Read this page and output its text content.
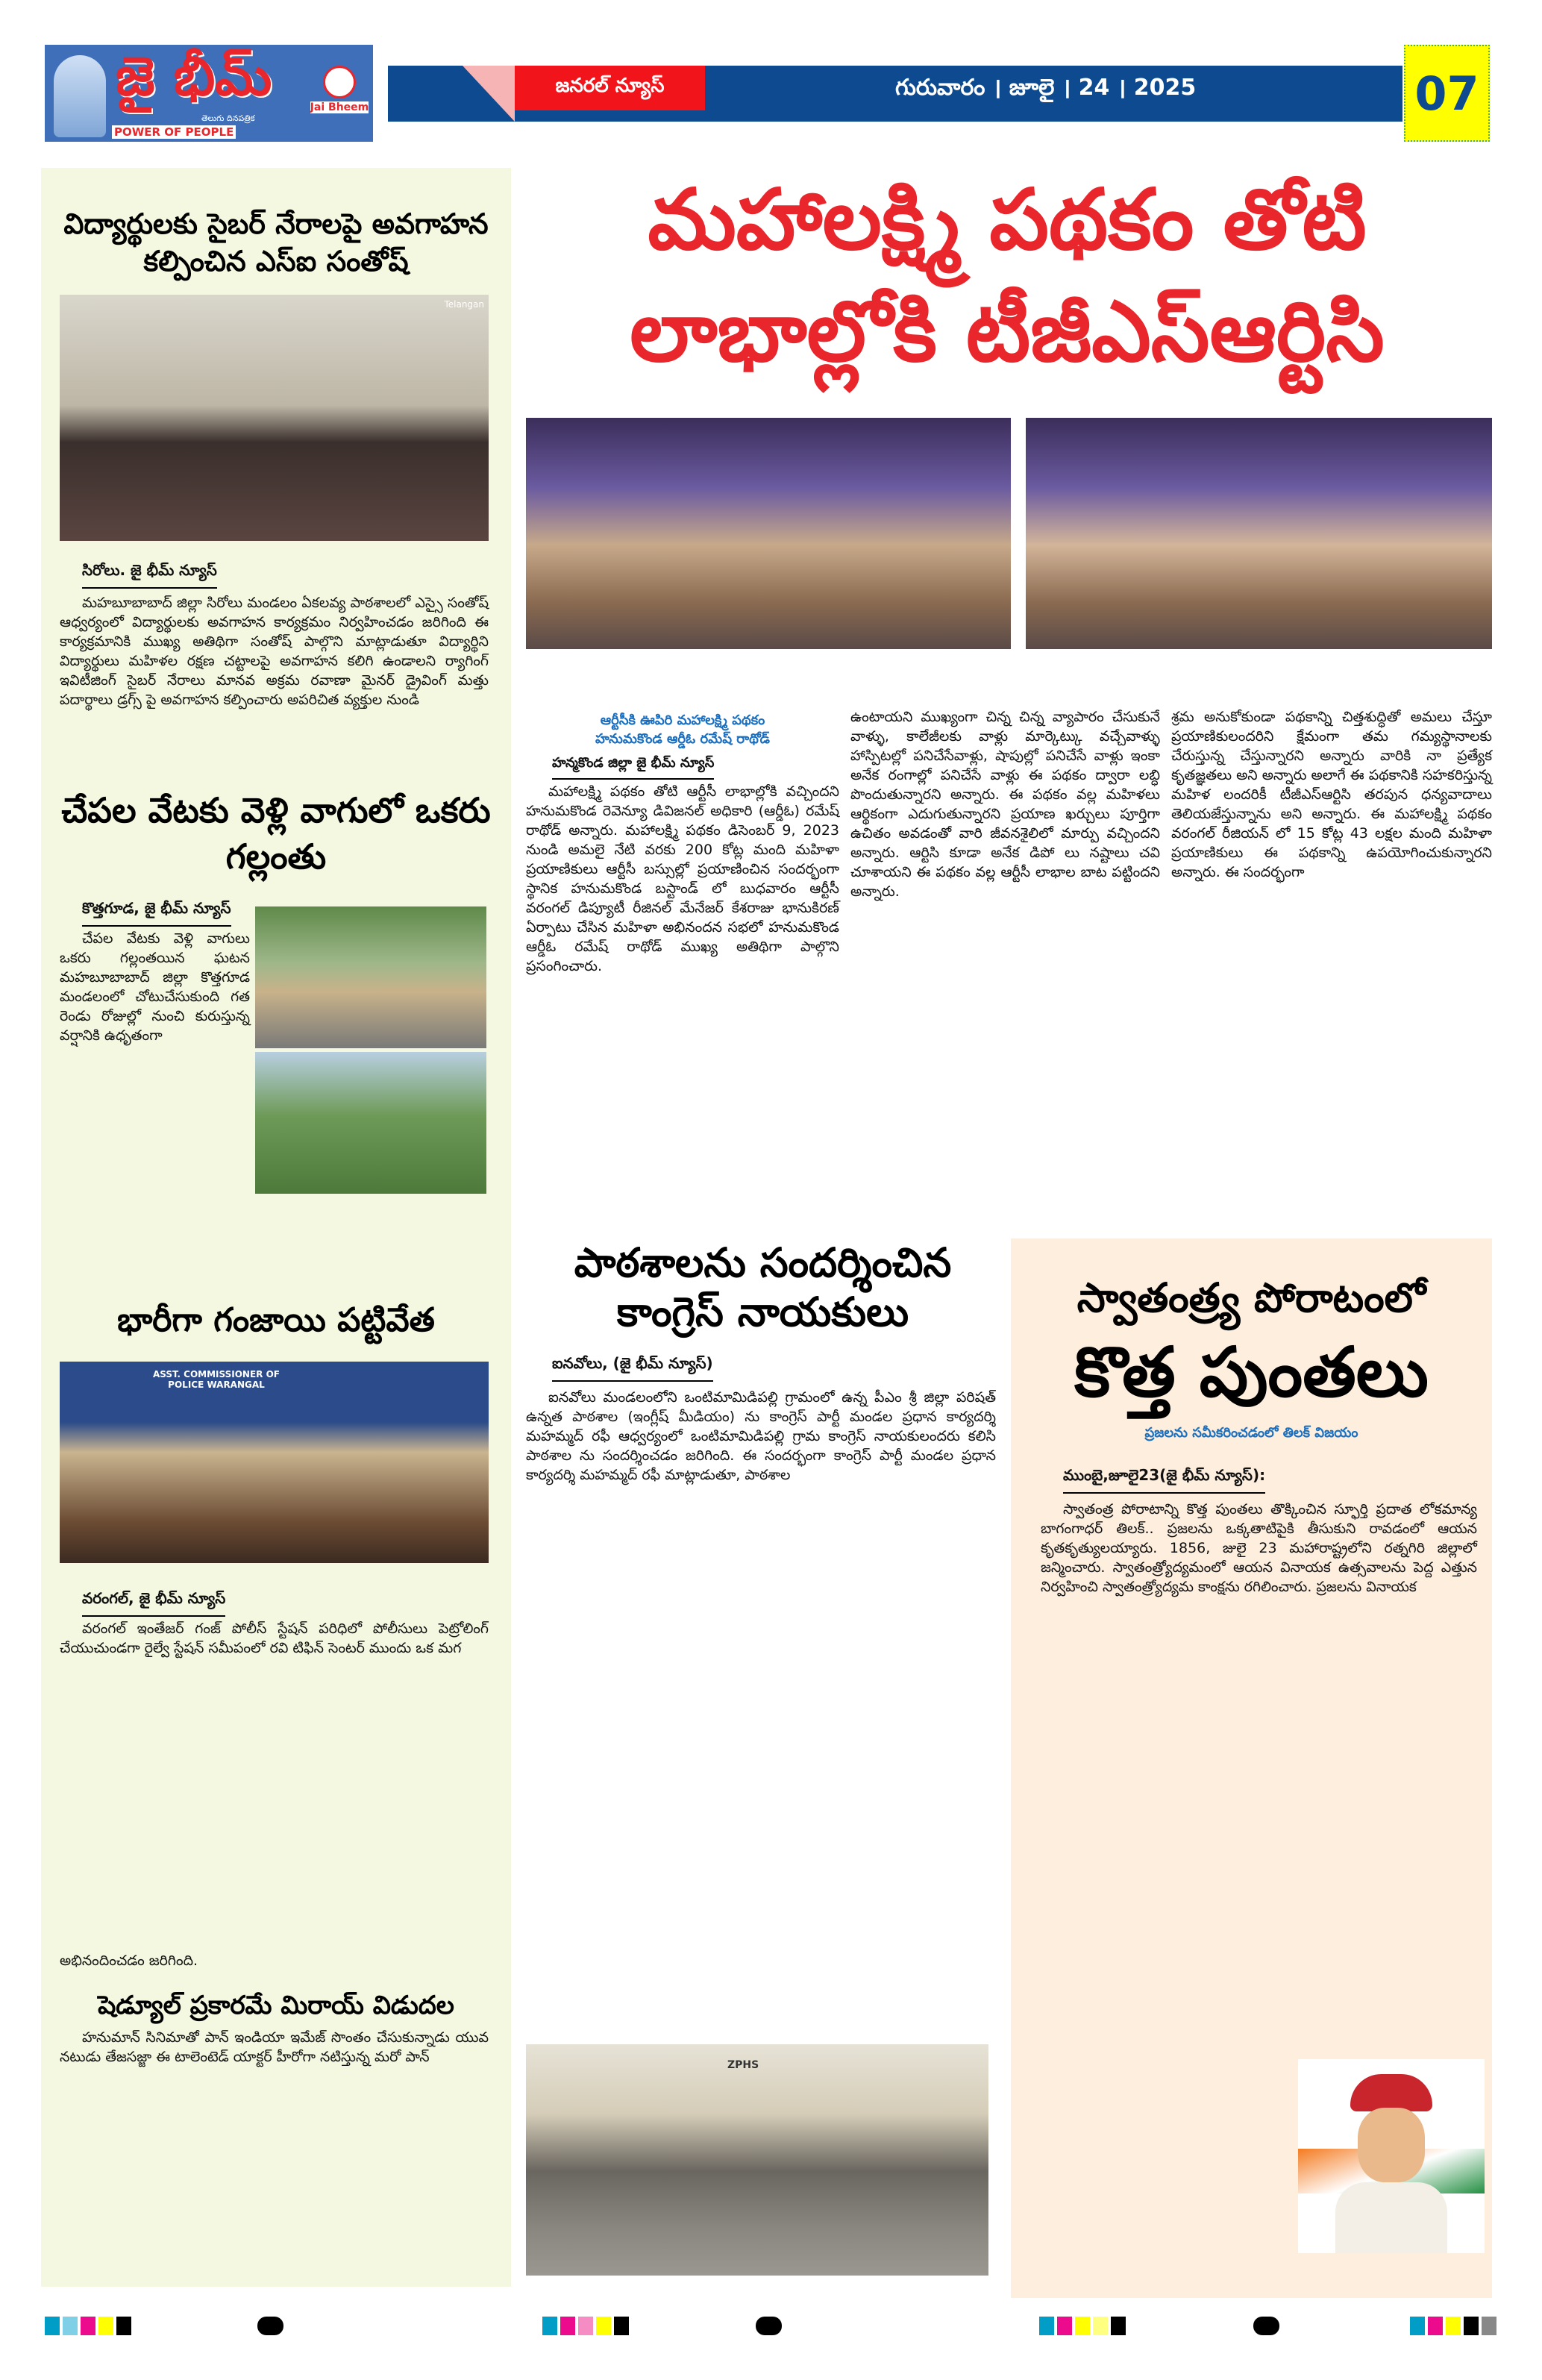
జై భీమ్
తెలుగు దినపత్రిక
POWER OF PEOPLE
Jai Bheem
జనరల్ న్యూస్	గురువారం । జూలై । 24 । 2025	07
విద్యార్థులకు సైబర్ నేరాలపై అవగాహన కల్పించిన ఎస్ఐ సంతోష్
Telangan
సిరోలు. జై భీమ్ న్యూస్
మహబూబాబాద్ జిల్లా సిరోలు మండలం ఏకలవ్య పాఠశాలలో ఎస్సై సంతోష్ ఆధ్వర్యంలో విద్యార్థులకు అవగాహన కార్యక్రమం నిర్వహించడం జరిగింది ఈ కార్యక్రమానికి ముఖ్య అతిథిగా సంతోష్ పాల్గొని మాట్లాడుతూ విద్యార్థిని విద్యార్థులు మహిళల రక్షణ చట్టాలపై అవగాహన కలిగి ఉండాలని ర్యాగింగ్ ఇవిటీజింగ్ సైబర్ నేరాలు మానవ అక్రమ రవాణా మైనర్ డ్రైవింగ్ మత్తు పదార్థాలు డ్రగ్స్ పై అవగాహన కల్పించారు అపరిచిత వ్యక్తుల నుండి
చేపల వేటకు వెళ్లి వాగులో ఒకరు గల్లంతు
కొత్తగూడ, జై భీమ్ న్యూస్
చేపల వేటకు వెళ్లి వాగులు ఒకరు గల్లంతయిన ఘటన మహబూబాబాద్ జిల్లా కొత్తగూడ మండలంలో చోటుచేసుకుంది గత రెండు రోజుల్లో నుంచి కురుస్తున్న వర్షానికి ఉధృతంగా
భారీగా గంజాయి పట్టివేత
ASST. COMMISSIONER OF POLICE WARANGAL
వరంగల్, జై భీమ్ న్యూస్
వరంగల్ ఇంతేజర్ గంజ్ పోలీస్ స్టేషన్ పరిధిలో పోలీసులు పెట్రోలింగ్ చేయుచుండగా రైల్వే స్టేషన్ సమీపంలో రవి టిఫిన్ సెంటర్ ముందు ఒక మగ
అభినందించడం జరిగింది.
షెడ్యూల్ ప్రకారమే మిరాయ్ విడుదల
హనుమాన్ సినిమాతో పాన్ ఇండియా ఇమేజ్ సొంతం చేసుకున్నాడు యువ నటుడు తేజసజ్జా ఈ టాలెంటెడ్ యాక్టర్ హీరోగా నటిస్తున్న మరో పాన్
మహాలక్ష్మి పథకం తోటి
లాభాల్లోకి టీజీఎస్ఆర్టిసి
ఆర్టీసీకి ఊపిరి మహాలక్ష్మి పథకం
హనుమకొండ ఆర్డీఓ రమేష్ రాథోడ్
హన్మకొండ జిల్లా జై భీమ్ న్యూస్
మహాలక్ష్మి పథకం తోటి ఆర్టీసీ లాభాల్లోకి వచ్చిందని హనుమకొండ రెవెన్యూ డివిజనల్ అధికారి (ఆర్డీఓ) రమేష్ రాథోడ్ అన్నారు. మహాలక్ష్మి పథకం డిసెంబర్ 9, 2023 నుండి అమలై నేటి వరకు 200 కోట్ల మంది మహిళా ప్రయాణికులు ఆర్టీసీ బస్సుల్లో ప్రయాణించిన సందర్భంగా స్థానిక హనుమకొండ బస్టాండ్ లో బుధవారం ఆర్టీసీ వరంగల్ డిప్యూటీ రీజినల్ మేనేజర్ కేశరాజు భానుకిరణ్ ఏర్పాటు చేసిన మహిళా అభినందన సభలో హనుమకొండ ఆర్డీఓ రమేష్ రాథోడ్ ముఖ్య అతిథిగా పాల్గొని ప్రసంగించారు.
ఉంటాయని ముఖ్యంగా చిన్న చిన్న వ్యాపారం చేసుకునే వాళ్ళు, కాలేజీలకు వాళ్లు మార్కెట్కు వచ్చేవాళ్ళు హాస్పిటల్లో పనిచేసేవాళ్లు, షాపుల్లో పనిచేసే వాళ్లు ఇంకా అనేక రంగాల్లో పనిచేసే వాళ్లు ఈ పథకం ద్వారా లబ్ధి పొందుతున్నారని అన్నారు. ఈ పథకం వల్ల మహిళలు ఆర్థికంగా ఎదుగుతున్నారని ప్రయాణ ఖర్చులు పూర్తిగా ఉచితం అవడంతో వారి జీవనశైలిలో మార్పు వచ్చిందని అన్నారు. ఆర్టిసి కూడా అనేక డిపో లు నష్టాలు చవి చూశాయని ఈ పథకం వల్ల ఆర్టీసీ లాభాల బాట పట్టిందని అన్నారు.
శ్రమ అనుకోకుండా పథకాన్ని చిత్తశుద్ధితో అమలు చేస్తూ ప్రయాణికులందరిని క్షేమంగా తమ గమ్యస్థానాలకు చేరుస్తున్న చేస్తున్నారని అన్నారు వారికి నా ప్రత్యేక కృతజ్ఞతలు అని అన్నారు అలాగే ఈ పథకానికి సహకరిస్తున్న మహిళ లందరికీ టీజీఎస్ఆర్టిసి తరపున ధన్యవాదాలు తెలియజేస్తున్నాను అని అన్నారు. ఈ మహాలక్ష్మి పథకం వరంగల్ రీజియన్ లో 15 కోట్ల 43 లక్షల మంది మహిళా ప్రయాణికులు ఈ పథకాన్ని ఉపయోగించుకున్నారని అన్నారు. ఈ సందర్భంగా
పాఠశాలను సందర్శించిన
కాంగ్రెస్ నాయకులు
ఐనవోలు, (జై భీమ్ న్యూస్)
ఐనవోలు మండలంలోని ఒంటిమామిడిపల్లి గ్రామంలో ఉన్న పీఎం శ్రీ జిల్లా పరిషత్ ఉన్నత పాఠశాల (ఇంగ్లీష్ మీడియం) ను కాంగ్రెస్ పార్టీ మండల ప్రధాన కార్యదర్శి మహమ్మద్ రఫీ ఆధ్వర్యంలో ఒంటిమామిడిపల్లి గ్రామ కాంగ్రెస్ నాయకులందరు కలిసి పాఠశాల ను సందర్శించడం జరిగింది. ఈ సందర్భంగా కాంగ్రెస్ పార్టీ మండల ప్రధాన కార్యదర్శి మహమ్మద్ రఫీ మాట్లాడుతూ, పాఠశాల
ZPHS
స్వాతంత్ర్య పోరాటంలో
కొత్త పుంతలు
ప్రజలను సమీకరించడంలో తిలక్ విజయం
ముంబై,జూలై23(జై భీమ్ న్యూస్):
స్వాతంత్ర పోరాటాన్ని కొత్త పుంతలు తొక్కించిన స్ఫూర్తి ప్రదాత లోకమాన్య బాగంగాధర్ తిలక్.. ప్రజలను ఒక్కతాటిపైకి తీసుకుని రావడంలో ఆయన కృతకృత్యులయ్యారు. 1856, జులై 23 మహారాష్ట్రలోని రత్నగిరి జిల్లాలో జన్మించారు. స్వాతంత్ర్యోద్యమంలో ఆయన వినాయక ఉత్సవాలను పెద్ద ఎత్తున నిర్వహించి స్వాతంత్ర్యోద్యమ కాంక్షను రగిలించారు. ప్రజలను వినాయక
